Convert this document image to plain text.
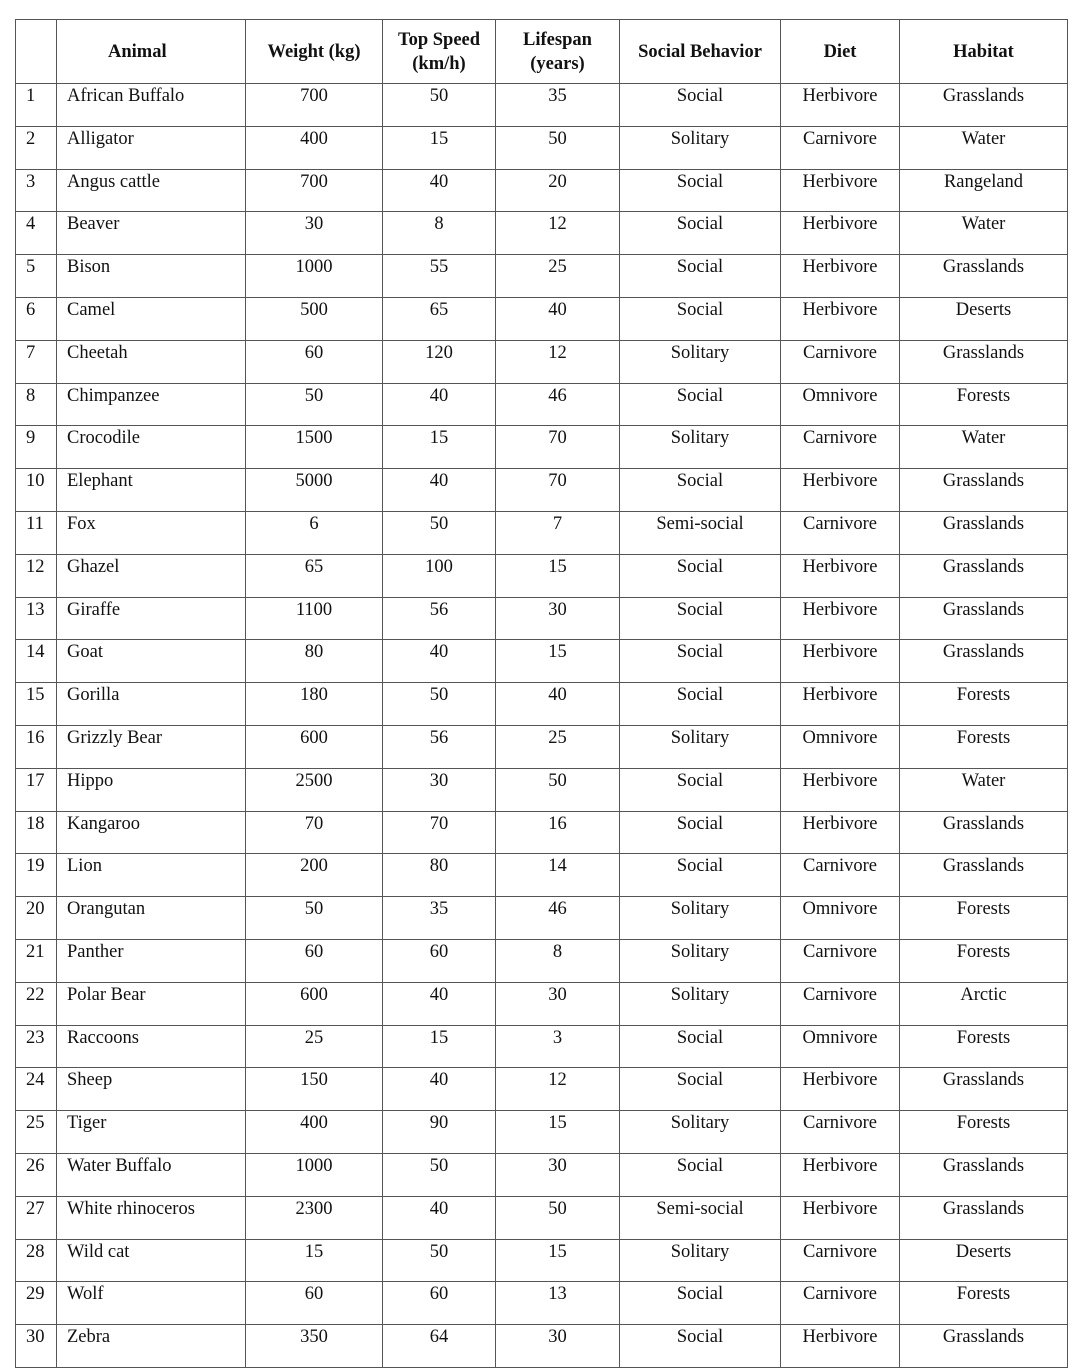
	Animal	Weight (kg)	Top Speed (km/h)	Lifespan (years)	Social Behavior	Diet	Habitat
1	African Buffalo	700	50	35	Social	Herbivore	Grasslands
2	Alligator	400	15	50	Solitary	Carnivore	Water
3	Angus cattle	700	40	20	Social	Herbivore	Rangeland
4	Beaver	30	8	12	Social	Herbivore	Water
5	Bison	1000	55	25	Social	Herbivore	Grasslands
6	Camel	500	65	40	Social	Herbivore	Deserts
7	Cheetah	60	120	12	Solitary	Carnivore	Grasslands
8	Chimpanzee	50	40	46	Social	Omnivore	Forests
9	Crocodile	1500	15	70	Solitary	Carnivore	Water
10	Elephant	5000	40	70	Social	Herbivore	Grasslands
11	Fox	6	50	7	Semi-social	Carnivore	Grasslands
12	Ghazel	65	100	15	Social	Herbivore	Grasslands
13	Giraffe	1100	56	30	Social	Herbivore	Grasslands
14	Goat	80	40	15	Social	Herbivore	Grasslands
15	Gorilla	180	50	40	Social	Herbivore	Forests
16	Grizzly Bear	600	56	25	Solitary	Omnivore	Forests
17	Hippo	2500	30	50	Social	Herbivore	Water
18	Kangaroo	70	70	16	Social	Herbivore	Grasslands
19	Lion	200	80	14	Social	Carnivore	Grasslands
20	Orangutan	50	35	46	Solitary	Omnivore	Forests
21	Panther	60	60	8	Solitary	Carnivore	Forests
22	Polar Bear	600	40	30	Solitary	Carnivore	Arctic
23	Raccoons	25	15	3	Social	Omnivore	Forests
24	Sheep	150	40	12	Social	Herbivore	Grasslands
25	Tiger	400	90	15	Solitary	Carnivore	Forests
26	Water Buffalo	1000	50	30	Social	Herbivore	Grasslands
27	White rhinoceros	2300	40	50	Semi-social	Herbivore	Grasslands
28	Wild cat	15	50	15	Solitary	Carnivore	Deserts
29	Wolf	60	60	13	Social	Carnivore	Forests
30	Zebra	350	64	30	Social	Herbivore	Grasslands
